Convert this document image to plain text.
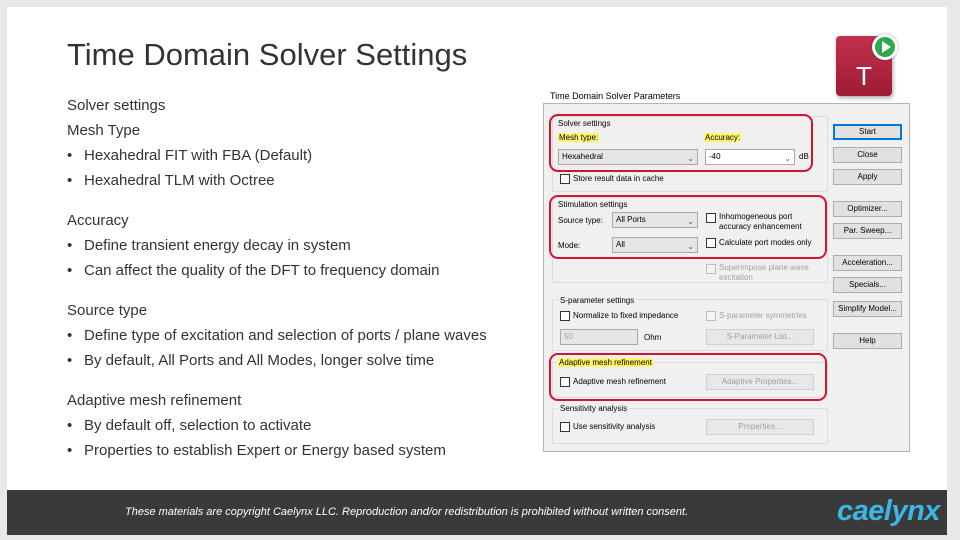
Time Domain Solver Settings
T
Solver settings
Mesh Type
• Hexahedral FIT with FBA (Default)
• Hexahedral TLM with Octree
Accuracy
• Define transient energy decay in system
• Can affect the quality of the DFT to frequency domain
Source type
• Define type of excitation and selection of ports / plane waves
• By default, All Ports and All Modes, longer solve time
Adaptive mesh refinement
• By default off, selection to activate
• Properties to establish Expert or Energy based system
Time Domain Solver Parameters
Solver settings
Mesh type:
Hexahedral	⌄
Accuracy:
-40	⌄ dB
Store result data in cache
Stimulation settings
Source type:	All Ports	⌄
Mode:	All	⌄
Inhomogeneous port
accuracy enhancement
Calculate port modes only
Superimpose plane wave
excitation
S-parameter settings
Normalize to fixed impedance	S-parameter symmetries
50	Ohm	S-Parameter List...
Adaptive mesh refinement
Adaptive mesh refinement	Adaptive Properties...
Sensitivity analysis
Use sensitivity analysis	Properties...
Start
Close
Apply
Optimizer...
Par. Sweep...
Acceleration...
Specials...
Simplify Model...
Help
These materials are copyright Caelynx LLC. Reproduction and/or redistribution is prohibited without written consent.	caelynx
